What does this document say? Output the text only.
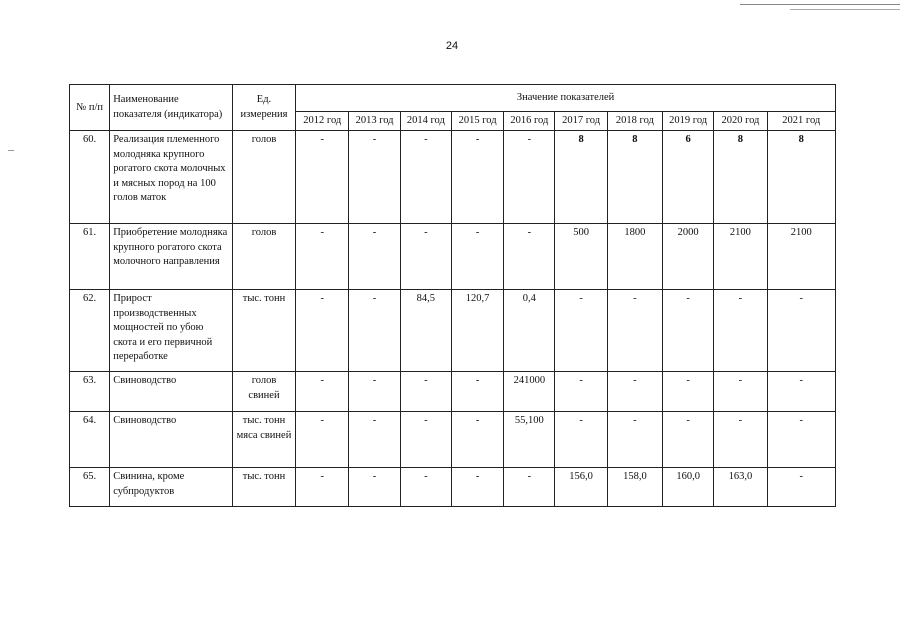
24
№ п/п	Наименование показателя (индикатора)	Ед. измерения	Значение показателей									
			2012 год	2013 год	2014 год	2015 год	2016 год	2017 год	2018 год	2019 год	2020 год	2021 год
60.	Реализация племенного молодняка крупного рогатого скота молочных и мясных пород на 100 голов маток	голов	-	-	-	-	-	8	8	6	8	8
61.	Приобретение молодняка крупного рогатого скота молочного направления	голов	-	-	-	-	-	500	1800	2000	2100	2100
62.	Прирост производственных мощностей по убою скота и его первичной переработке	тыс. тонн	-	-	84,5	120,7	0,4	-	-	-	-	-
63.	Свиноводство	голов свиней	-	-	-	-	241000	-	-	-	-	-
64.	Свиноводство	тыс. тонн мяса свиней	-	-	-	-	55,100	-	-	-	-	-
65.	Свинина, кроме субпродуктов	тыс. тонн	-	-	-	-	-	156,0	158,0	160,0	163,0	-
